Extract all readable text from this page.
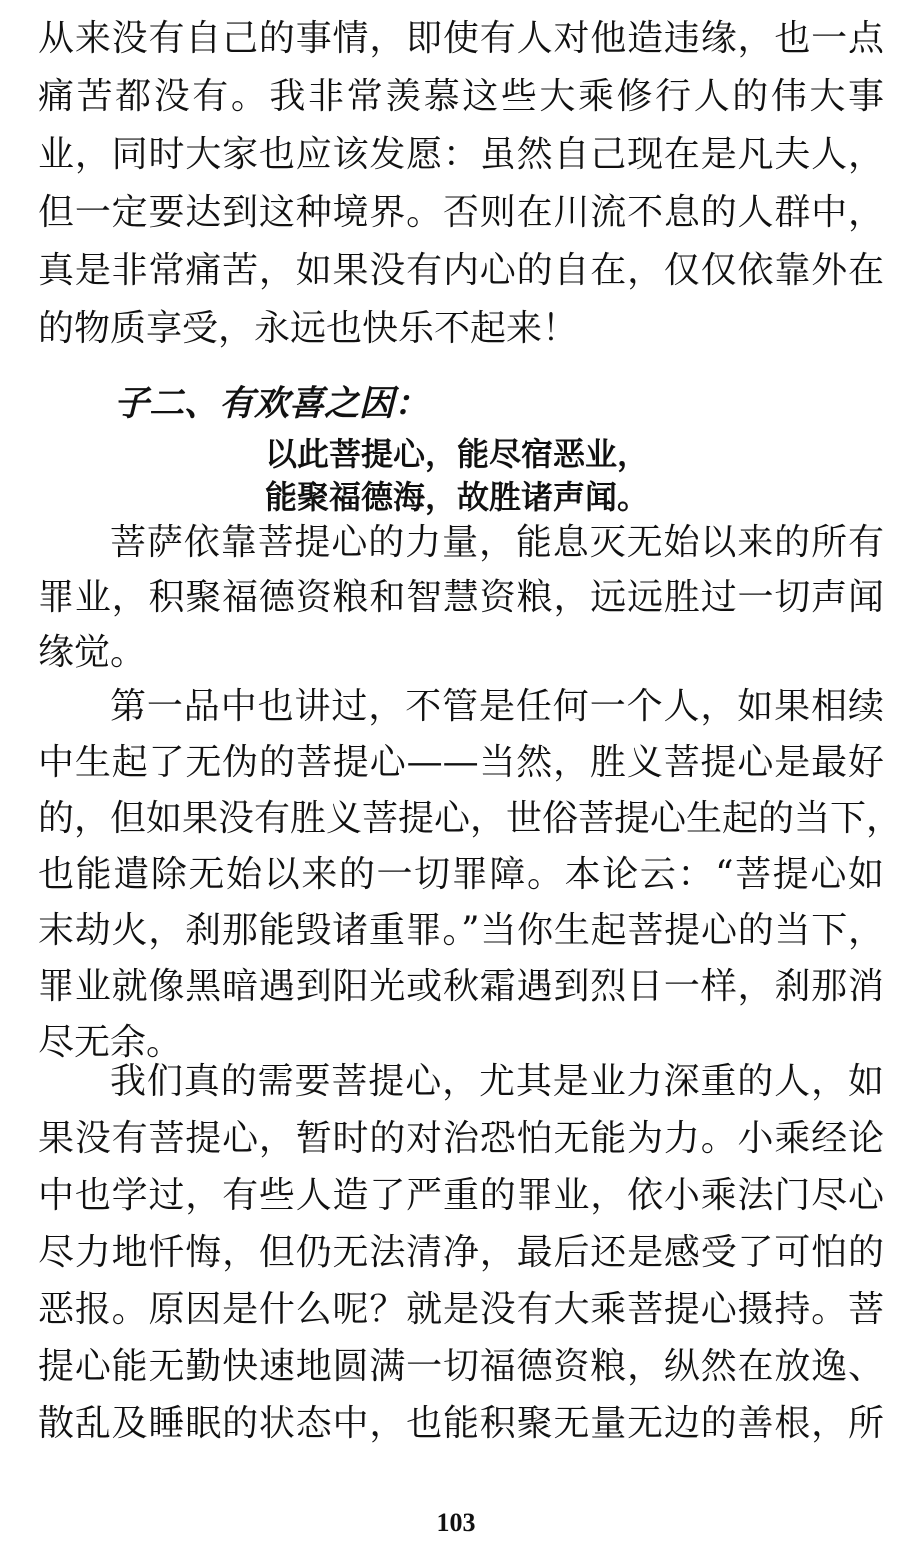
从来没有自己的事情，即使有人对他造违缘，也一点
痛苦都没有。我非常羡慕这些大乘修行人的伟大事
业，同时大家也应该发愿：虽然自己现在是凡夫人，
但一定要达到这种境界。否则在川流不息的人群中，
真是非常痛苦，如果没有内心的自在，仅仅依靠外在
的物质享受，永远也快乐不起来！
子二、有欢喜之因：
以此菩提心，能尽宿恶业，
能聚福德海，故胜诸声闻。
菩萨依靠菩提心的力量，能息灭无始以来的所有
罪业，积聚福德资粮和智慧资粮，远远胜过一切声闻
缘觉。
第一品中也讲过，不管是任何一个人，如果相续
中生起了无伪的菩提心——当然，胜义菩提心是最好
的，但如果没有胜义菩提心，世俗菩提心生起的当下，
也能遣除无始以来的一切罪障。本论云：“菩提心如
末劫火，刹那能毁诸重罪。”当你生起菩提心的当下，
罪业就像黑暗遇到阳光或秋霜遇到烈日一样，刹那消
尽无余。
我们真的需要菩提心，尤其是业力深重的人，如
果没有菩提心，暂时的对治恐怕无能为力。小乘经论
中也学过，有些人造了严重的罪业，依小乘法门尽心
尽力地忏悔，但仍无法清净，最后还是感受了可怕的
恶报。原因是什么呢？就是没有大乘菩提心摄持。菩
提心能无勤快速地圆满一切福德资粮，纵然在放逸、
散乱及睡眠的状态中，也能积聚无量无边的善根，所
103
